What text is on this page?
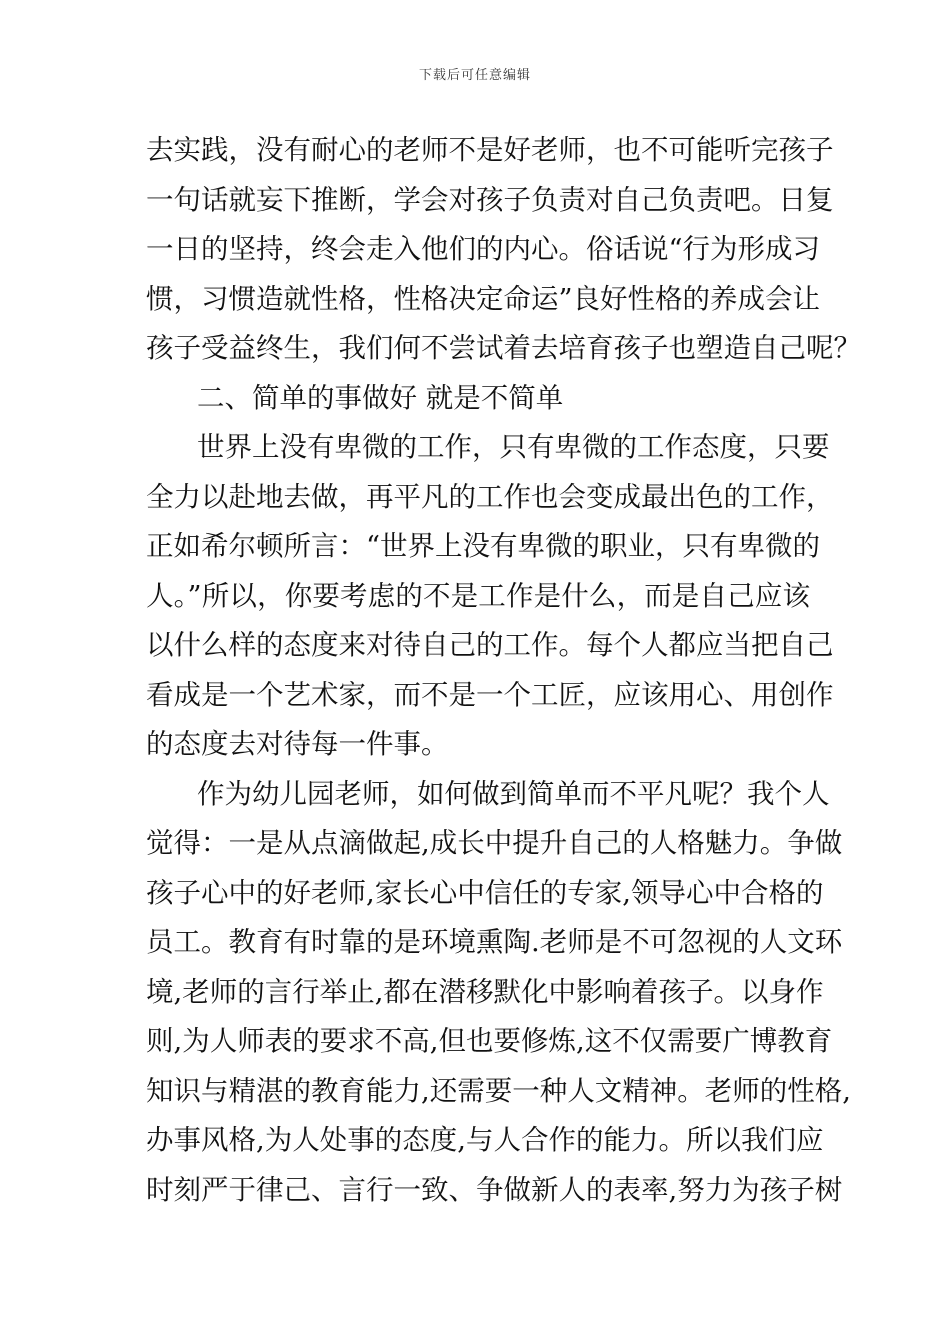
下载后可任意编辑
去实践，没有耐心的老师不是好老师，也不可能听完孩子
一句话就妄下推断，学会对孩子负责对自己负责吧。日复
一日的坚持，终会走入他们的内心。俗话说“行为形成习
惯，习惯造就性格，性格决定命运”良好性格的养成会让
孩子受益终生，我们何不尝试着去培育孩子也塑造自己呢？
二、简单的事做好 就是不简单
世界上没有卑微的工作，只有卑微的工作态度，只要
全力以赴地去做，再平凡的工作也会变成最出色的工作，
正如希尔顿所言：“世界上没有卑微的职业，只有卑微的
人。”所以，你要考虑的不是工作是什么，而是自己应该
以什么样的态度来对待自己的工作。每个人都应当把自己
看成是一个艺术家，而不是一个工匠，应该用心、用创作
的态度去对待每一件事。
作为幼儿园老师，如何做到简单而不平凡呢？我个人
觉得：一是从点滴做起,成长中提升自己的人格魅力。争做
孩子心中的好老师,家长心中信任的专家,领导心中合格的
员工。教育有时靠的是环境熏陶.老师是不可忽视的人文环
境,老师的言行举止,都在潜移默化中影响着孩子。以身作
则,为人师表的要求不高,但也要修炼,这不仅需要广博教育
知识与精湛的教育能力,还需要一种人文精神。老师的性格,
办事风格,为人处事的态度,与人合作的能力。所以我们应
时刻严于律己、言行一致、争做新人的表率,努力为孩子树
